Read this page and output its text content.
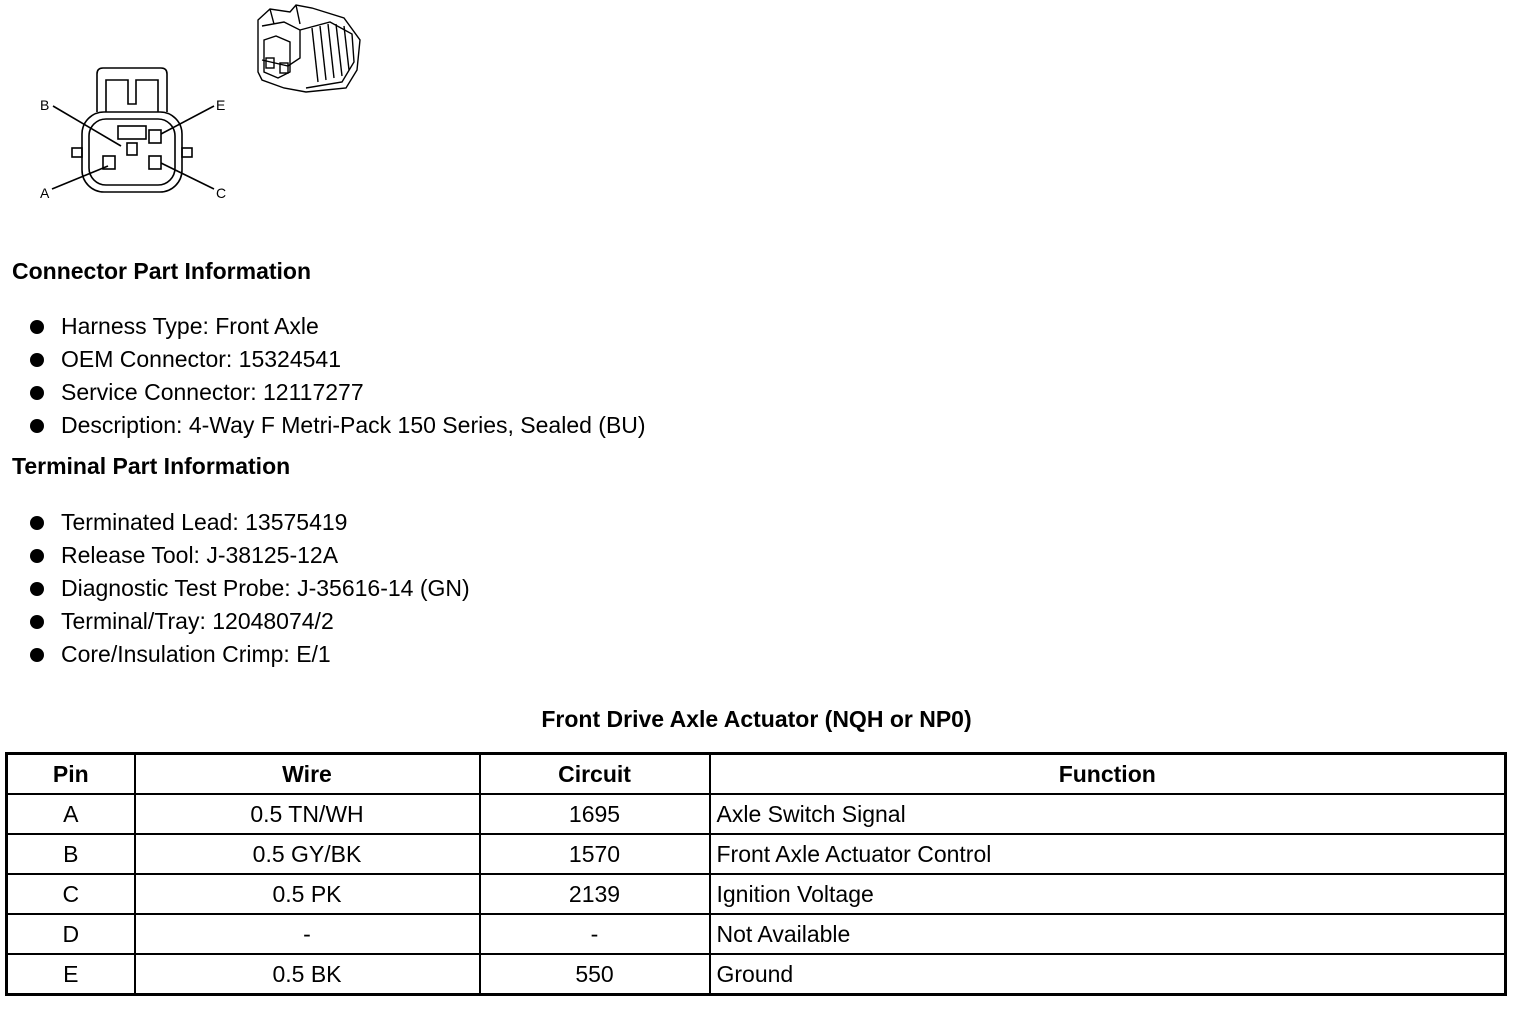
B	E
A	C
Connector Part Information
Harness Type: Front Axle
OEM Connector: 15324541
Service Connector: 12117277
Description: 4-Way F Metri-Pack 150 Series, Sealed (BU)
Terminal Part Information
Terminated Lead: 13575419
Release Tool: J-38125-12A
Diagnostic Test Probe: J-35616-14 (GN)
Terminal/Tray: 12048074/2
Core/Insulation Crimp: E/1
Front Drive Axle Actuator (NQH or NP0)
Pin	Wire	Circuit	Function
A	0.5 TN/WH	1695	Axle Switch Signal
B	0.5 GY/BK	1570	Front Axle Actuator Control
C	0.5 PK	2139	Ignition Voltage
D	-	-	Not Available
E	0.5 BK	550	Ground
